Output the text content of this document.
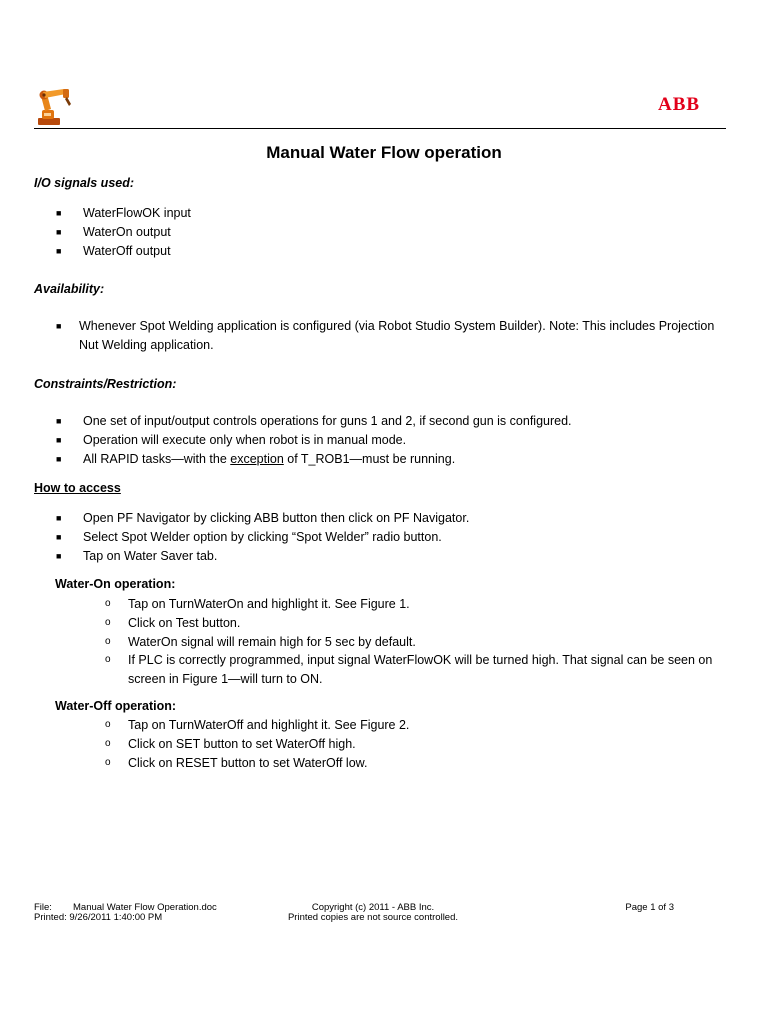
ABB
Manual Water Flow operation
I/O signals used:
■ WaterFlowOK input
■ WaterOn output
■ WaterOff output
Availability:
■ Whenever Spot Welding application is configured (via Robot Studio System Builder). Note: This includes Projection
Nut Welding application.
Constraints/Restriction:
■ One set of input/output controls operations for guns 1 and 2, if second gun is configured.
■ Operation will execute only when robot is in manual mode.
■ All RAPID tasks—with the exception of T_ROB1—must be running.
How to access
■ Open PF Navigator by clicking ABB button then click on PF Navigator.
■ Select Spot Welder option by clicking “Spot Welder” radio button.
■ Tap on Water Saver tab.
Water-On operation:
o Tap on TurnWaterOn and highlight it. See Figure 1.
o Click on Test button.
o WaterOn signal will remain high for 5 sec by default.
o If PLC is correctly programmed, input signal WaterFlowOK will be turned high. That signal can be seen on
screen in Figure 1—will turn to ON.
Water-Off operation:
o Tap on TurnWaterOff and highlight it. See Figure 2.
o Click on SET button to set WaterOff high.
o Click on RESET button to set WaterOff low.
File: Manual Water Flow Operation.doc
Printed: 9/26/2011 1:40:00 PM
Copyright (c) 2011 - ABB Inc.
Printed copies are not source controlled.
Page 1 of 3
